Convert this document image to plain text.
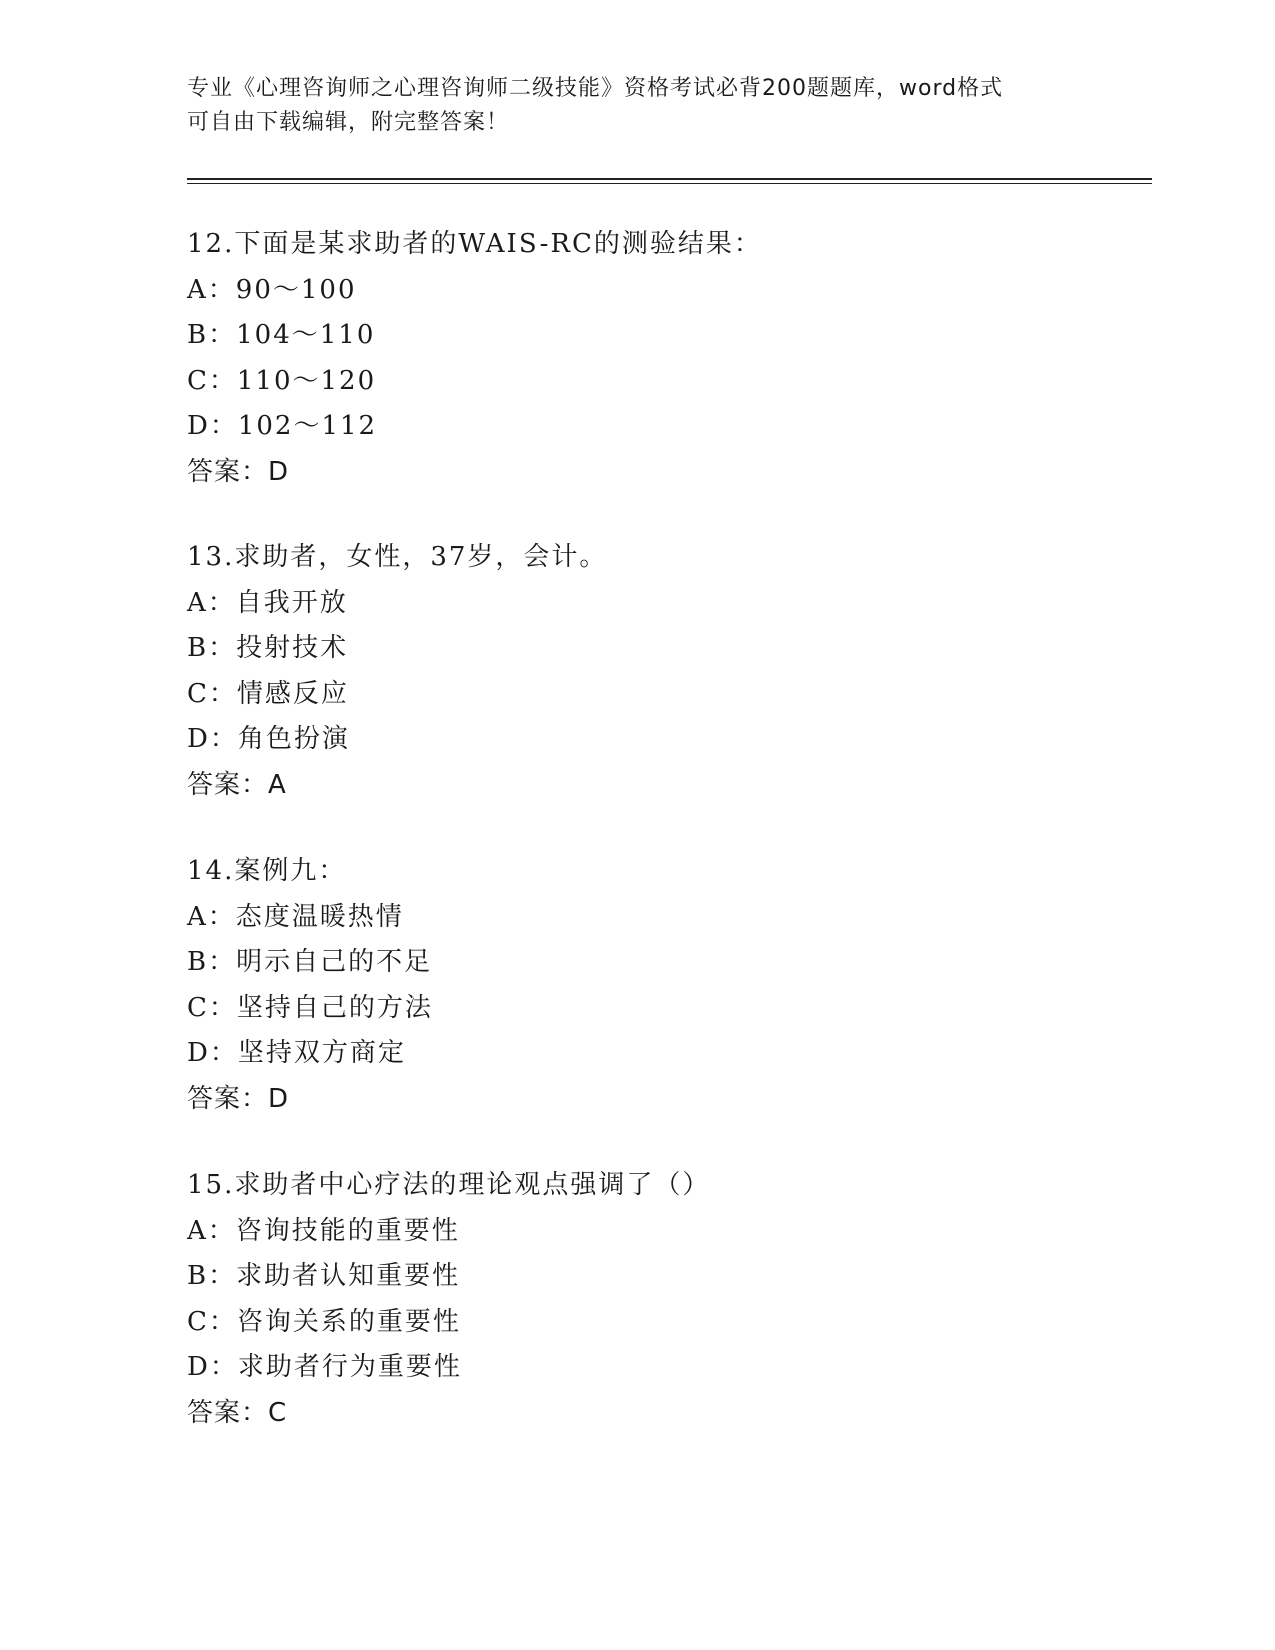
专业《心理咨询师之心理咨询师二级技能》资格考试必背200题题库，word格式
可自由下载编辑，附完整答案！
12.下面是某求助者的WAIS-RC的测验结果：
A：90～100
B：104～110
C：110～120
D：102～112
答案：D
13.求助者，女性，37岁，会计。
A：自我开放
B：投射技术
C：情感反应
D：角色扮演
答案：A
14.案例九：
A：态度温暖热情
B：明示自己的不足
C：坚持自己的方法
D：坚持双方商定
答案：D
15.求助者中心疗法的理论观点强调了（）
A：咨询技能的重要性
B：求助者认知重要性
C：咨询关系的重要性
D：求助者行为重要性
答案：C
